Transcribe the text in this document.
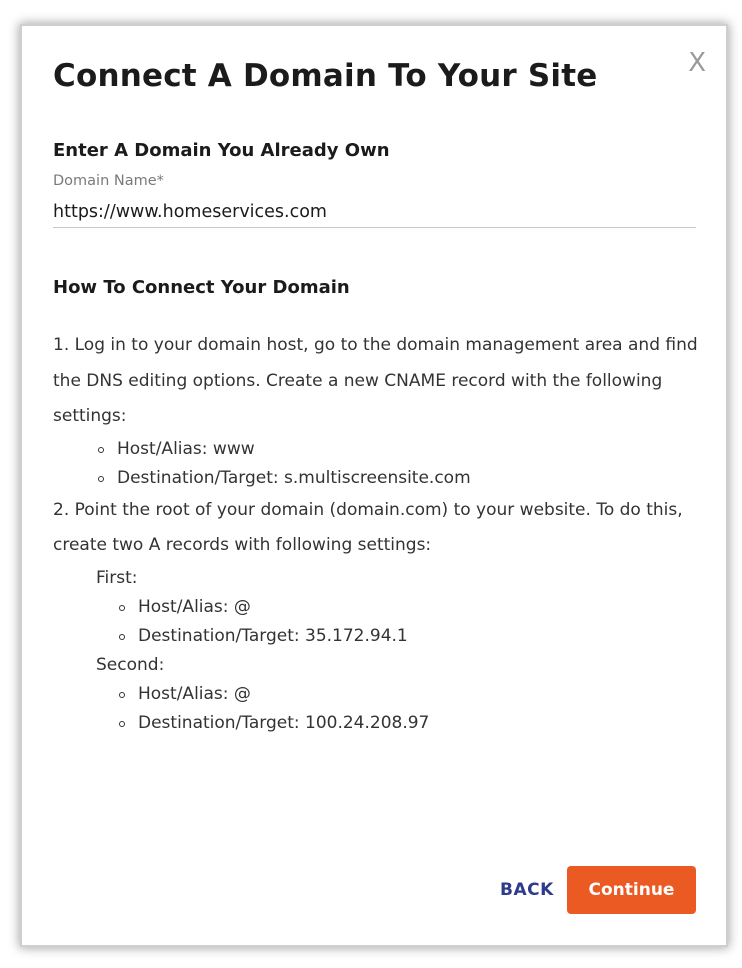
X
Connect A Domain To Your Site
Enter A Domain You Already Own
Domain Name*
https://www.homeservices.com
How To Connect Your Domain

1. Log in to your domain host, go to the domain management area and find the DNS editing options. Create a new CNAME record with the following settings:

Host/Alias: www
Destination/Target: s.multiscreensite.com

2. Point the root of your domain (domain.com) to your website. To do this, create two A records with following settings:

First:
Host/Alias: @
Destination/Target: 35.172.94.1
Second:
Host/Alias: @
Destination/Target: 100.24.208.97
BACK	Continue
